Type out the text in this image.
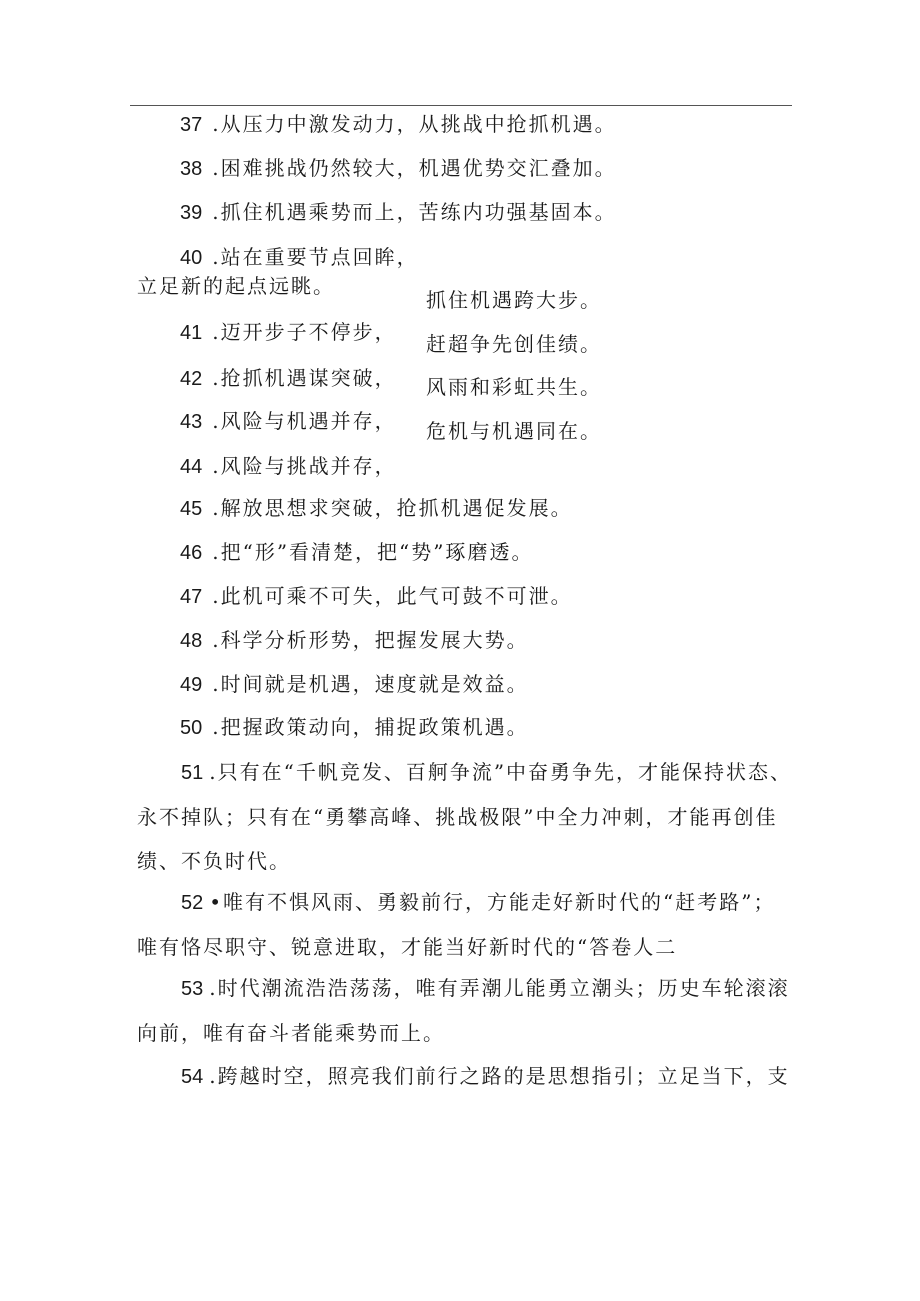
37 .从压力中激发动力，从挑战中抢抓机遇。
38 .困难挑战仍然较大，机遇优势交汇叠加。
39 .抓住机遇乘势而上，苦练内功强基固本。
40 .站在重要节点回眸，
立足新的起点远眺。
41 .迈开步子不停步，
42 .抢抓机遇谋突破，
43 .风险与机遇并存，
44 .风险与挑战并存，
抓住机遇跨大步。
赶超争先创佳绩。
风雨和彩虹共生。
危机与机遇同在。
45 .解放思想求突破，抢抓机遇促发展。
46 .把“形”看清楚，把“势”琢磨透。
47 .此机可乘不可失，此气可鼓不可泄。
48 .科学分析形势，把握发展大势。
49 .时间就是机遇，速度就是效益。
50 .把握政策动向，捕捉政策机遇。
51 .只有在“千帆竞发、百舸争流”中奋勇争先，才能保持状态、永不掉队；只有在“勇攀高峰、挑战极限”中全力冲刺，才能再创佳绩、不负时代。
52 •唯有不惧风雨、勇毅前行，方能走好新时代的“赶考路”；唯有恪尽职守、锐意进取，才能当好新时代的“答卷人二
53 .时代潮流浩浩荡荡，唯有弄潮儿能勇立潮头；历史车轮滚滚向前，唯有奋斗者能乘势而上。
54 .跨越时空，照亮我们前行之路的是思想指引；立足当下，支
